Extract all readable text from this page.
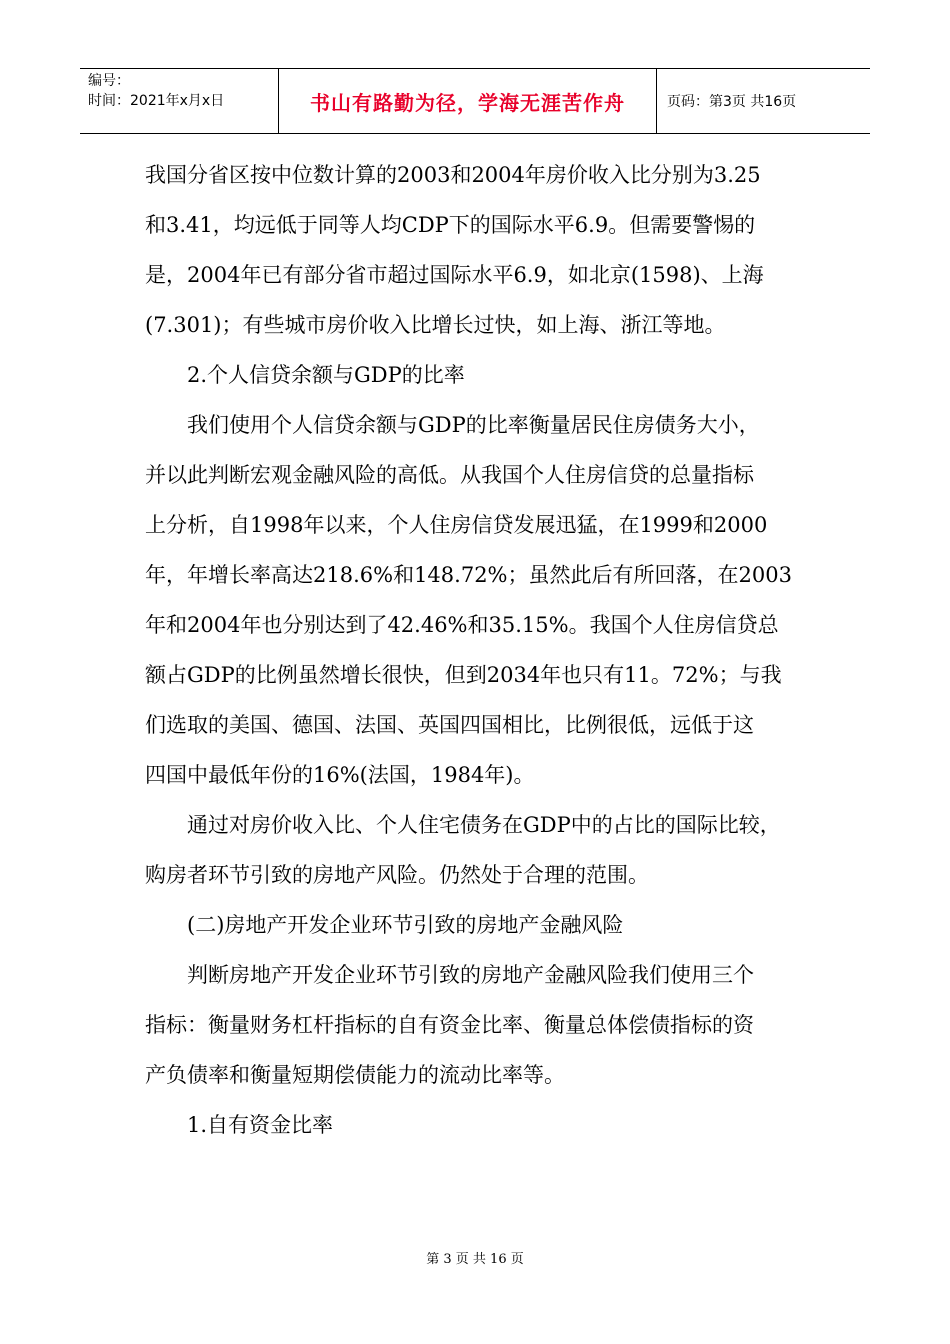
编号：
时间：2021年x月x日	书山有路勤为径，学海无涯苦作舟	页码：第3页 共16页
我国分省区按中位数计算的2003和2004年房价收入比分别为3.25
和3.41，均远低于同等人均CDP下的国际水平6.9。但需要警惕的
是，2004年已有部分省市超过国际水平6.9，如北京(1598)、上海
(7.301)；有些城市房价收入比增长过快，如上海、浙江等地。
2.个人信贷余额与GDP的比率
我们使用个人信贷余额与GDP的比率衡量居民住房债务大小，
并以此判断宏观金融风险的高低。从我国个人住房信贷的总量指标
上分析，自1998年以来，个人住房信贷发展迅猛，在1999和2000
年，年增长率高达218.6%和148.72%；虽然此后有所回落，在2003
年和2004年也分别达到了42.46%和35.15%。我国个人住房信贷总
额占GDP的比例虽然增长很快，但到2034年也只有11。72%；与我
们选取的美国、德国、法国、英国四国相比，比例很低，远低于这
四国中最低年份的16%(法国，1984年)。
通过对房价收入比、个人住宅债务在GDP中的占比的国际比较，
购房者环节引致的房地产风险。仍然处于合理的范围。
(二)房地产开发企业环节引致的房地产金融风险
判断房地产开发企业环节引致的房地产金融风险我们使用三个
指标：衡量财务杠杆指标的自有资金比率、衡量总体偿债指标的资
产负债率和衡量短期偿债能力的流动比率等。
1.自有资金比率
第 3 页 共 16 页
